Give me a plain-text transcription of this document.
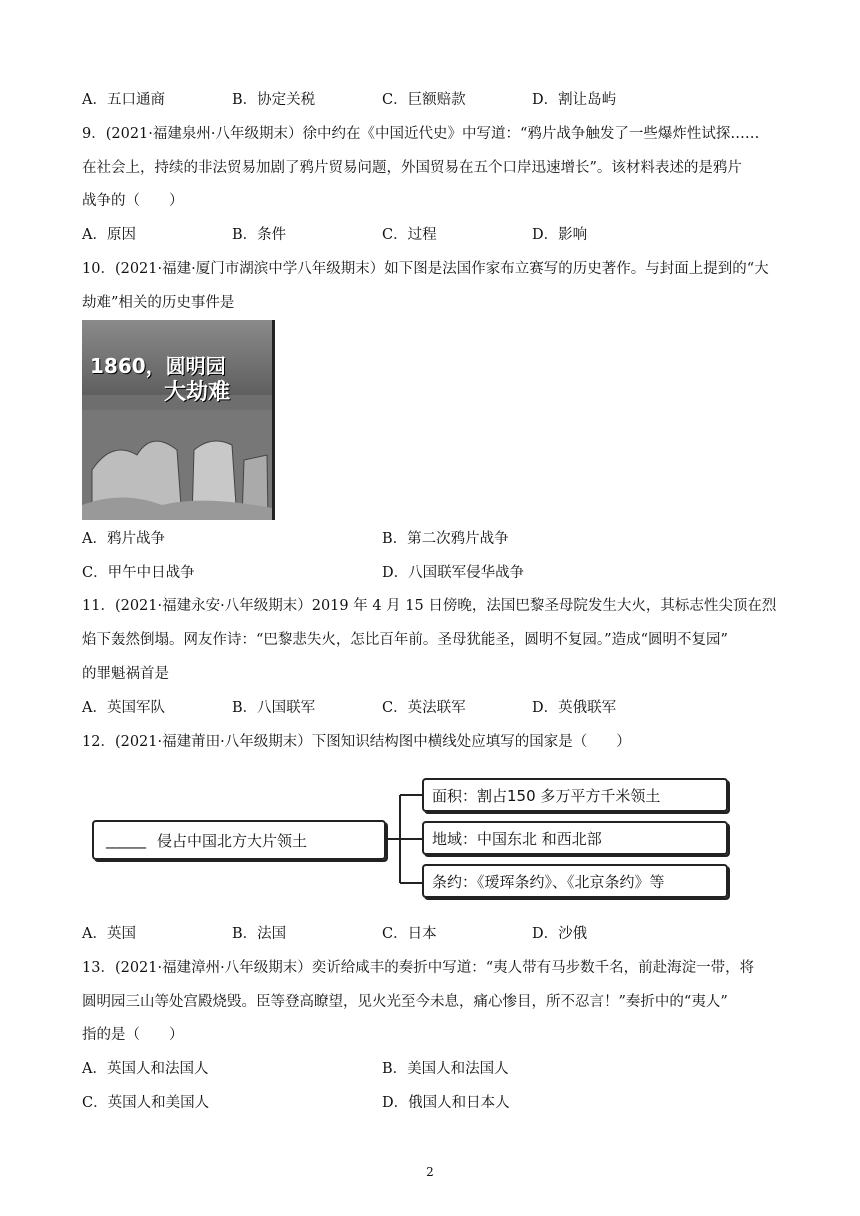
A．五口通商	B．协定关税	C．巨额赔款	D．割让岛屿
9．(2021·福建泉州·八年级期末）徐中约在《中国近代史》中写道：“鸦片战争触发了一些爆炸性试探……
在社会上，持续的非法贸易加剧了鸦片贸易问题，外国贸易在五个口岸迅速增长”。该材料表述的是鸦片
战争的（　　）
A．原因	B．条件	C．过程	D．影响
10．(2021·福建·厦门市湖滨中学八年级期末）如下图是法国作家布立赛写的历史著作。与封面上提到的“大
劫难”相关的历史事件是
1860，圆明园
大劫难
A．鸦片战争	B．第二次鸦片战争
C．甲午中日战争	D．八国联军侵华战争
11．(2021·福建永安·八年级期末）2019 年 4 月 15 日傍晚，法国巴黎圣母院发生大火，其标志性尖顶在烈
焰下轰然倒塌。网友作诗：“巴黎悲失火，怎比百年前。圣母犹能圣，圆明不复园。”造成“圆明不复园”
的罪魁祸首是
A．英国军队	B．八国联军	C．英法联军	D．英俄联军
12．(2021·福建莆田·八年级期末）下图知识结构图中横线处应填写的国家是（　　）
______ 侵占中国北方大片领土
面积：割占150 多万平方千米领土
地域：中国东北 和西北部
条约：《瑷珲条约》、《北京条约》等
A．英国	B．法国	C．日本	D．沙俄
13．(2021·福建漳州·八年级期末）奕䜣给咸丰的奏折中写道：“夷人带有马步数千名，前赴海淀一带，将
圆明园三山等处宫殿烧毁。臣等登高瞭望，见火光至今未息，痛心惨目，所不忍言！”奏折中的“夷人”
指的是（　　）
A．英国人和法国人	B．美国人和法国人
C．英国人和美国人	D．俄国人和日本人
2
